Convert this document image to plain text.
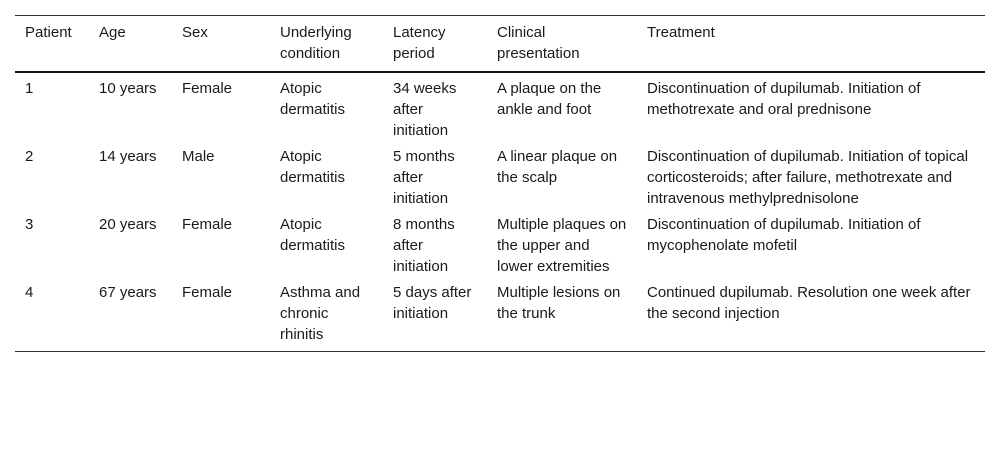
Patient	Age	Sex	Underlying condition	Latency period	Clinical presentation	Treatment
1	10 years	Female	Atopic dermatitis	34 weeks after initiation	A plaque on the ankle and foot	Discontinuation of dupilumab. Initiation of methotrexate and oral prednisone
2	14 years	Male	Atopic dermatitis	5 months after initiation	A linear plaque on the scalp	Discontinuation of dupilumab. Initiation of topical corticosteroids; after failure, methotrexate and intravenous methylprednisolone
3	20 years	Female	Atopic dermatitis	8 months after initiation	Multiple plaques on the upper and lower extremities	Discontinuation of dupilumab. Initiation of mycophenolate mofetil
4	67 years	Female	Asthma and chronic rhinitis	5 days after initiation	Multiple lesions on the trunk	Continued dupilumab. Resolution one week after the second injection
